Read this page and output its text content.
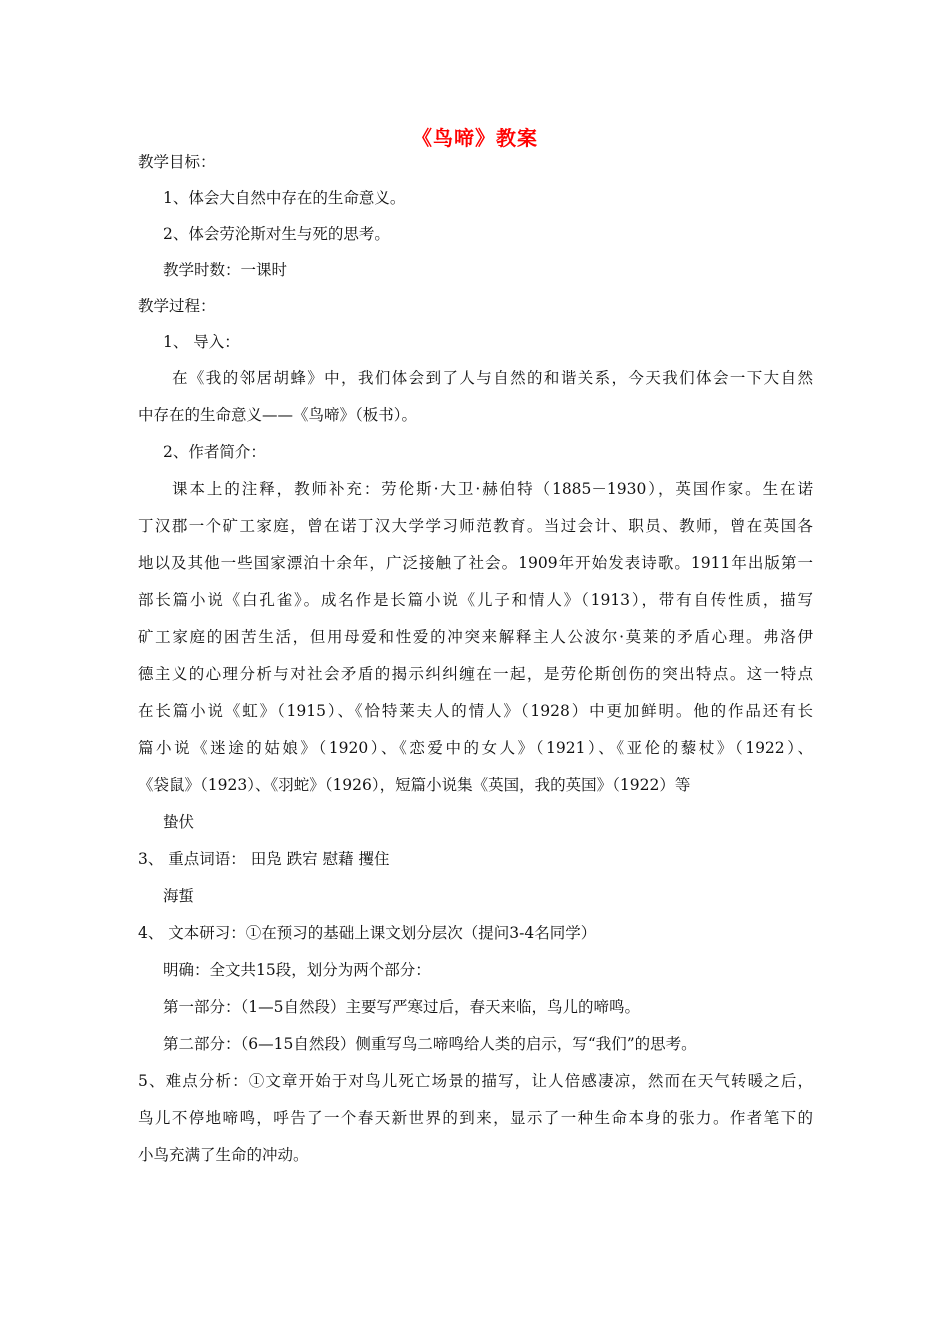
《鸟啼》教案
教学目标：
1、体会大自然中存在的生命意义。
2、体会劳沦斯对生与死的思考。
教学时数：一课时
教学过程：
1、 导入：
在《我的邻居胡蜂》中，我们体会到了人与自然的和谐关系，今天我们体会一下大自然
中存在的生命意义——《鸟啼》（板书）。
2、作者简介：
课本上的注释，教师补充：劳伦斯·大卫·赫伯特（1885－1930），英国作家。生在诺
丁汉郡一个矿工家庭，曾在诺丁汉大学学习师范教育。当过会计、职员、教师，曾在英国各
地以及其他一些国家漂泊十余年，广泛接触了社会。1909年开始发表诗歌。1911年出版第一
部长篇小说《白孔雀》。成名作是长篇小说《儿子和情人》（1913），带有自传性质，描写
矿工家庭的困苦生活，但用母爱和性爱的冲突来解释主人公波尔·莫莱的矛盾心理。弗洛伊
德主义的心理分析与对社会矛盾的揭示纠纠缠在一起，是劳伦斯创伤的突出特点。这一特点
在长篇小说《虹》（1915）、《恰特莱夫人的情人》（1928）中更加鲜明。他的作品还有长
篇小说《迷途的姑娘》（1920）、《恋爱中的女人》（1921）、《亚伦的藜杖》（1922）、
《袋鼠》（1923）、《羽蛇》（1926），短篇小说集《英国，我的英国》（1922）等
蛰伏
3、 重点词语： 田凫 跌宕 慰藉 攫住
海蜇
4、 文本研习：①在预习的基础上课文划分层次（提问3-4名同学）
明确：全文共15段，划分为两个部分：
第一部分：（1—5自然段）主要写严寒过后，春天来临，鸟儿的啼鸣。
第二部分：（6—15自然段）侧重写鸟二啼鸣给人类的启示，写“我们”的思考。
5、难点分析：①文章开始于对鸟儿死亡场景的描写，让人倍感凄凉，然而在天气转暖之后，
鸟儿不停地啼鸣，呼告了一个春天新世界的到来，显示了一种生命本身的张力。作者笔下的
小鸟充满了生命的冲动。
